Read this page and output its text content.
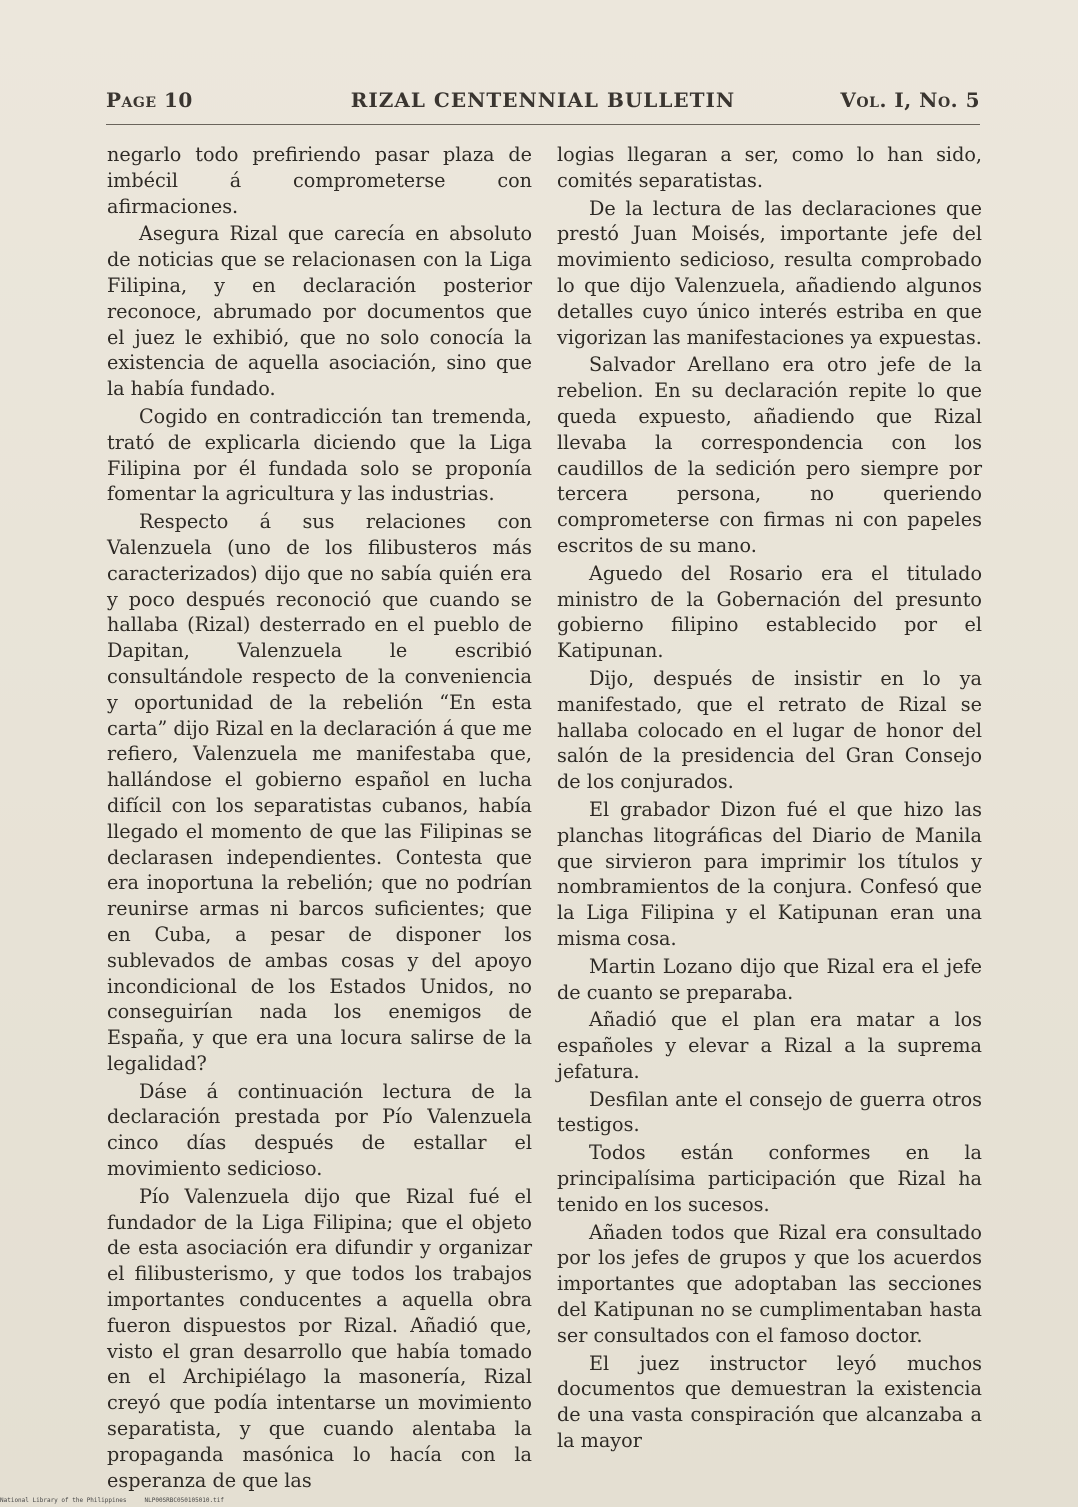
Page 10	RIZAL CENTENNIAL BULLETIN	Vol. I, No. 5

negarlo todo prefiriendo pasar plaza de imbécil á comprometerse con afirmaciones.

Asegura Rizal que carecía en absoluto de noticias que se relacionasen con la Liga Filipina, y en declaración posterior reconoce, abrumado por documentos que el juez le exhibió, que no solo conocía la existencia de aquella asociación, sino que la había fundado.

Cogido en contradicción tan tremenda, trató de explicarla diciendo que la Liga Filipina por él fundada solo se proponía fomentar la agricultura y las industrias.

Respecto á sus relaciones con Valenzuela (uno de los filibusteros más caracterizados) dijo que no sabía quién era y poco después reconoció que cuando se hallaba (Rizal) desterrado en el pueblo de Dapitan, Valenzuela le escribió consultándole respecto de la conveniencia y oportunidad de la rebelión “En esta carta” dijo Rizal en la declaración á que me refiero, Valenzuela me manifestaba que, hallándose el gobierno español en lucha difícil con los separatistas cubanos, había llegado el momento de que las Filipinas se declarasen independientes. Contesta que era inoportuna la rebelión; que no podrían reunirse armas ni barcos suficientes; que en Cuba, a pesar de disponer los sublevados de ambas cosas y del apoyo incondicional de los Estados Unidos, no conseguirían nada los enemigos de España, y que era una locura salirse de la legalidad?

Dáse á continuación lectura de la declaración prestada por Pío Valenzuela cinco días después de estallar el movimiento sedicioso.

Pío Valenzuela dijo que Rizal fué el fundador de la Liga Filipina; que el objeto de esta asociación era difundir y organizar el filibusterismo, y que todos los trabajos importantes conducentes a aquella obra fueron dispuestos por Rizal. Añadió que, visto el gran desarrollo que había tomado en el Archipiélago la masonería, Rizal creyó que podía intentarse un movimiento separatista, y que cuando alentaba la propaganda masónica lo hacía con la esperanza de que las

logias llegaran a ser, como lo han sido, comités separatistas.

De la lectura de las declaraciones que prestó Juan Moisés, importante jefe del movimiento sedicioso, resulta comprobado lo que dijo Valenzuela, añadiendo algunos detalles cuyo único interés estriba en que vigorizan las manifestaciones ya expuestas.

Salvador Arellano era otro jefe de la rebelion. En su declaración repite lo que queda expuesto, añadiendo que Rizal llevaba la correspondencia con los caudillos de la sedición pero siempre por tercera persona, no queriendo comprometerse con firmas ni con papeles escritos de su mano.

Aguedo del Rosario era el titulado ministro de la Gobernación del presunto gobierno filipino establecido por el Katipunan.

Dijo, después de insistir en lo ya manifestado, que el retrato de Rizal se hallaba colocado en el lugar de honor del salón de la presidencia del Gran Consejo de los conjurados.

El grabador Dizon fué el que hizo las planchas litográficas del Diario de Manila que sirvieron para imprimir los títulos y nombramientos de la conjura. Confesó que la Liga Filipina y el Katipunan eran una misma cosa.

Martin Lozano dijo que Rizal era el jefe de cuanto se preparaba.

Añadió que el plan era matar a los españoles y elevar a Rizal a la suprema jefatura.

Desfilan ante el consejo de guerra otros testigos.

Todos están conformes en la principalísima participación que Rizal ha tenido en los sucesos.

Añaden todos que Rizal era consultado por los jefes de grupos y que los acuerdos importantes que adoptaban las secciones del Katipunan no se cumplimentaban hasta ser consultados con el famoso doctor.

El juez instructor leyó muchos documentos que demuestran la existencia de una vasta conspiración que alcanzaba a la mayor

National Library of the Philippines     NLP00SRBC050105010.tif
